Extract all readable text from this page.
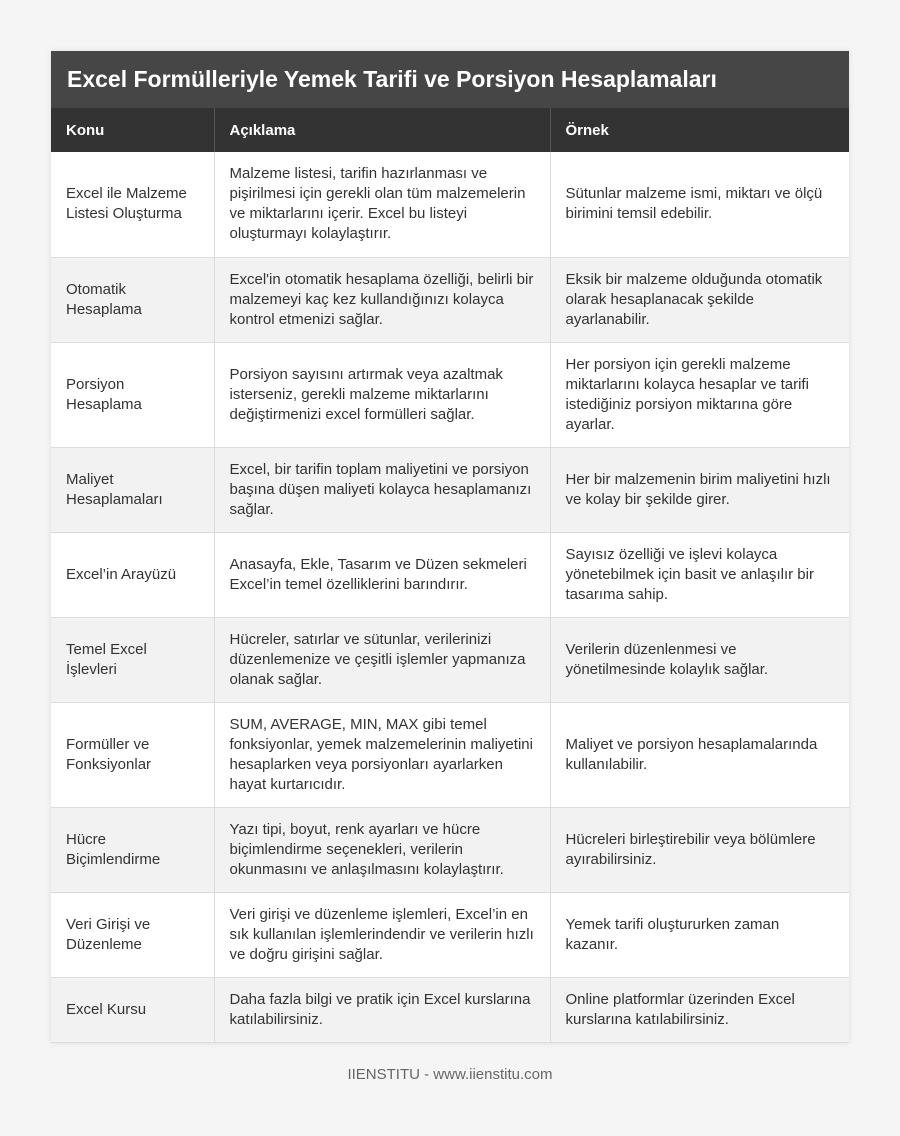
Excel Formülleriyle Yemek Tarifi ve Porsiyon Hesaplamaları
Konu	Açıklama	Örnek
Excel ile Malzeme Listesi Oluşturma	Malzeme listesi, tarifin hazırlanması ve pişirilmesi için gerekli olan tüm malzemelerin ve miktarlarını içerir. Excel bu listeyi oluşturmayı kolaylaştırır.	Sütunlar malzeme ismi, miktarı ve ölçü birimini temsil edebilir.
Otomatik Hesaplama	Excel'in otomatik hesaplama özelliği, belirli bir malzemeyi kaç kez kullandığınızı kolayca kontrol etmenizi sağlar.	Eksik bir malzeme olduğunda otomatik olarak hesaplanacak şekilde ayarlanabilir.
Porsiyon Hesaplama	Porsiyon sayısını artırmak veya azaltmak isterseniz, gerekli malzeme miktarlarını değiştirmenizi excel formülleri sağlar.	Her porsiyon için gerekli malzeme miktarlarını kolayca hesaplar ve tarifi istediğiniz porsiyon miktarına göre ayarlar.
Maliyet Hesaplamaları	Excel, bir tarifin toplam maliyetini ve porsiyon başına düşen maliyeti kolayca hesaplamanızı sağlar.	Her bir malzemenin birim maliyetini hızlı ve kolay bir şekilde girer.
Excel’in Arayüzü	Anasayfa, Ekle, Tasarım ve Düzen sekmeleri Excel’in temel özelliklerini barındırır.	Sayısız özelliği ve işlevi kolayca yönetebilmek için basit ve anlaşılır bir tasarıma sahip.
Temel Excel İşlevleri	Hücreler, satırlar ve sütunlar, verilerinizi düzenlemenize ve çeşitli işlemler yapmanıza olanak sağlar.	Verilerin düzenlenmesi ve yönetilmesinde kolaylık sağlar.
Formüller ve Fonksiyonlar	SUM, AVERAGE, MIN, MAX gibi temel fonksiyonlar, yemek malzemelerinin maliyetini hesaplarken veya porsiyonları ayarlarken hayat kurtarıcıdır.	Maliyet ve porsiyon hesaplamalarında kullanılabilir.
Hücre Biçimlendirme	Yazı tipi, boyut, renk ayarları ve hücre biçimlendirme seçenekleri, verilerin okunmasını ve anlaşılmasını kolaylaştırır.	Hücreleri birleştirebilir veya bölümlere ayırabilirsiniz.
Veri Girişi ve Düzenleme	Veri girişi ve düzenleme işlemleri, Excel’in en sık kullanılan işlemlerindendir ve verilerin hızlı ve doğru girişini sağlar.	Yemek tarifi oluştururken zaman kazanır.
Excel Kursu	Daha fazla bilgi ve pratik için Excel kurslarına katılabilirsiniz.	Online platformlar üzerinden Excel kurslarına katılabilirsiniz.
IIENSTITU - www.iienstitu.com
